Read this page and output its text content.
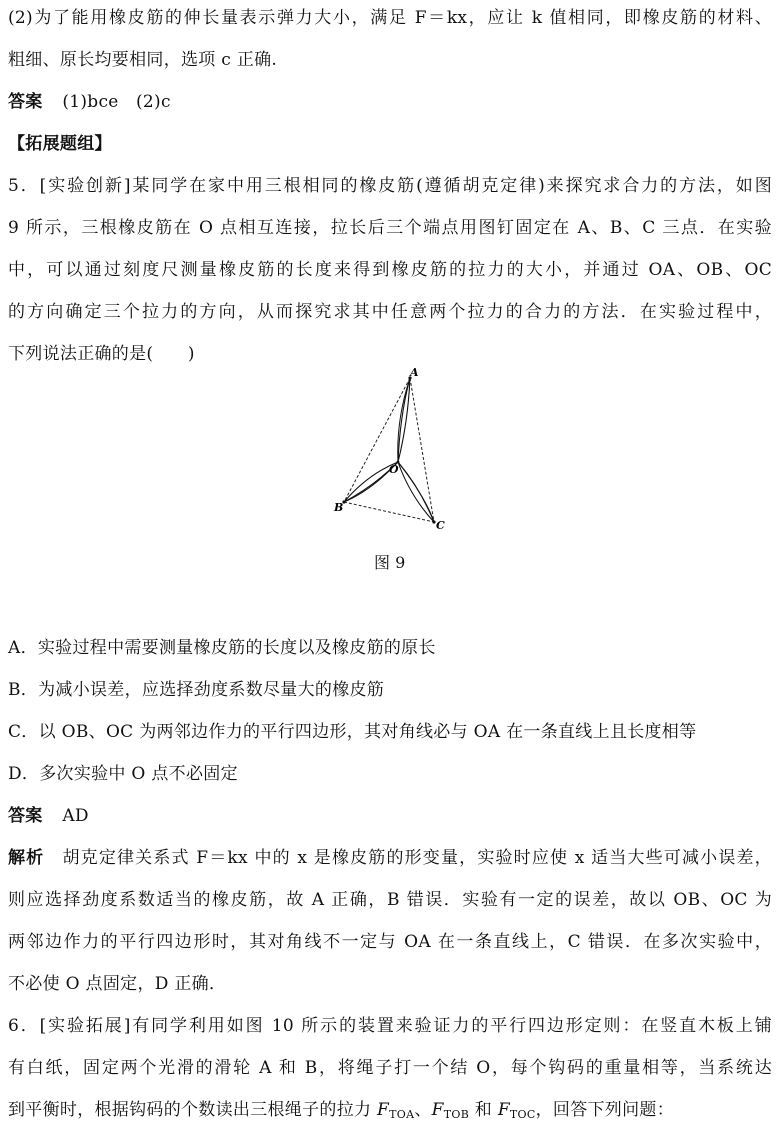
(2)为了能用橡皮筋的伸长量表示弹力大小，满足 F＝kx，应让 k 值相同，即橡皮筋的材料、
粗细、原长均要相同，选项 c 正确.
答案 (1)bce　(2)c
【拓展题组】
5．[实验创新]某同学在家中用三根相同的橡皮筋(遵循胡克定律)来探究求合力的方法，如图
9 所示，三根橡皮筋在 O 点相互连接，拉长后三个端点用图钉固定在 A、B、C 三点．在实验
中，可以通过刻度尺测量橡皮筋的长度来得到橡皮筋的拉力的大小，并通过 OA、OB、OC
的方向确定三个拉力的方向，从而探究求其中任意两个拉力的合力的方法．在实验过程中，
下列说法正确的是(　　)
A
B
C
O
图 9
A．实验过程中需要测量橡皮筋的长度以及橡皮筋的原长
B．为减小误差，应选择劲度系数尽量大的橡皮筋
C．以 OB、OC 为两邻边作力的平行四边形，其对角线必与 OA 在一条直线上且长度相等
D．多次实验中 O 点不必固定
答案 AD
解析　胡克定律关系式 F＝kx 中的 x 是橡皮筋的形变量，实验时应使 x 适当大些可减小误差，
则应选择劲度系数适当的橡皮筋，故 A 正确，B 错误．实验有一定的误差，故以 OB、OC 为
两邻边作力的平行四边形时，其对角线不一定与 OA 在一条直线上，C 错误．在多次实验中，
不必使 O 点固定，D 正确．
6．[实验拓展]有同学利用如图 10 所示的装置来验证力的平行四边形定则：在竖直木板上铺
有白纸，固定两个光滑的滑轮 A 和 B，将绳子打一个结 O，每个钩码的重量相等，当系统达
到平衡时，根据钩码的个数读出三根绳子的拉力 $F_{TOA}$、$F_{TOB}$ 和 $F_{TOC}$，回答下列问题：
